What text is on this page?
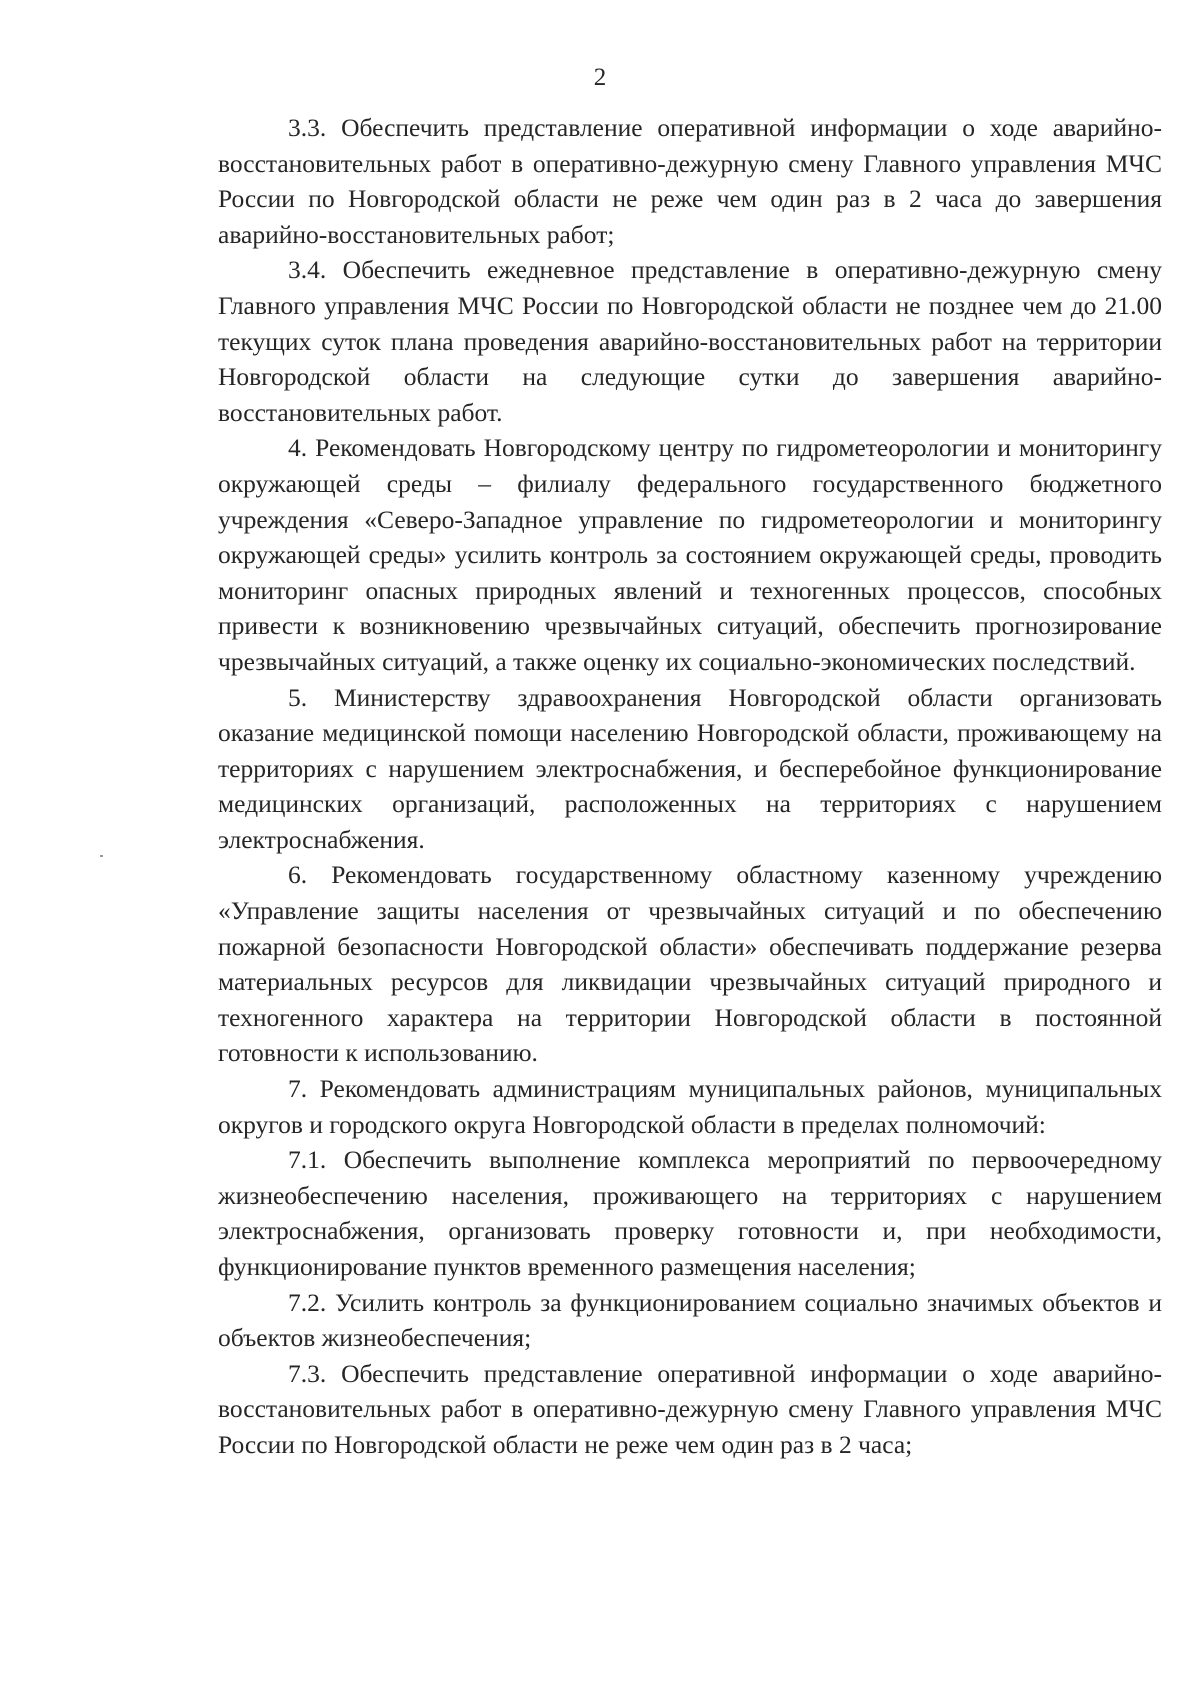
2

3.3. Обеспечить представление оперативной информации о ходе аварийно-восстановительных работ в оперативно-дежурную смену Главного управления МЧС России по Новгородской области не реже чем один раз в 2 часа до завершения аварийно-восстановительных работ;

3.4. Обеспечить ежедневное представление в оперативно-дежурную смену Главного управления МЧС России по Новгородской области не позднее чем до 21.00 текущих суток плана проведения аварийно-восстановительных работ на территории Новгородской области на следующие сутки до завершения аварийно-восстановительных работ.

4. Рекомендовать Новгородскому центру по гидрометеорологии и мониторингу окружающей среды – филиалу федерального государственного бюджетного учреждения «Северо-Западное управление по гидрометеорологии и мониторингу окружающей среды» усилить контроль за состоянием окружающей среды, проводить мониторинг опасных природных явлений и техногенных процессов, способных привести к возникновению чрезвычайных ситуаций, обеспечить прогнозирование чрезвычайных ситуаций, а также оценку их социально-экономических последствий.

5. Министерству здравоохранения Новгородской области организовать оказание медицинской помощи населению Новгородской области, проживающему на территориях с нарушением электроснабжения, и бесперебойное функционирование медицинских организаций, расположенных на территориях с нарушением электроснабжения.

6. Рекомендовать государственному областному казенному учреждению «Управление защиты населения от чрезвычайных ситуаций и по обеспечению пожарной безопасности Новгородской области» обеспечивать поддержание резерва материальных ресурсов для ликвидации чрезвычайных ситуаций природного и техногенного характера на территории Новгородской области в постоянной готовности к использованию.

7. Рекомендовать администрациям муниципальных районов, муниципальных округов и городского округа Новгородской области в пределах полномочий:

7.1. Обеспечить выполнение комплекса мероприятий по первоочередному жизнеобеспечению населения, проживающего на территориях с нарушением электроснабжения, организовать проверку готовности и, при необходимости, функционирование пунктов временного размещения населения;

7.2. Усилить контроль за функционированием социально значимых объектов и объектов жизнеобеспечения;

7.3. Обеспечить представление оперативной информации о ходе аварийно-восстановительных работ в оперативно-дежурную смену Главного управления МЧС России по Новгородской области не реже чем один раз в 2 часа;
